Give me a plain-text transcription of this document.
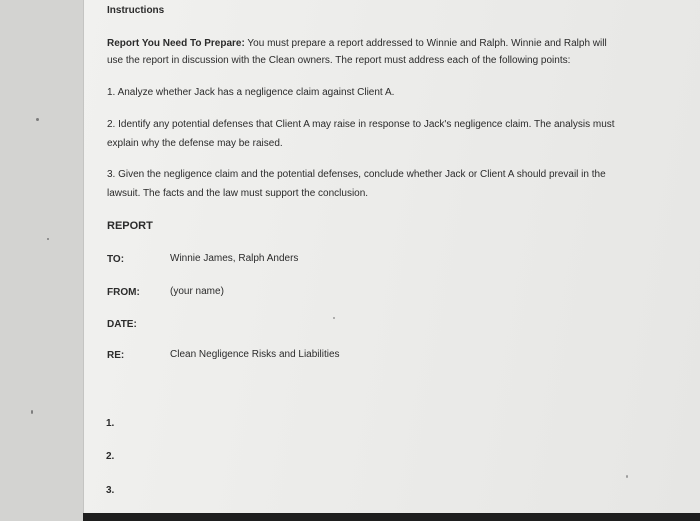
Instructions
Report You Need To Prepare: You must prepare a report addressed to Winnie and Ralph. Winnie and Ralph will
use the report in discussion with the Clean owners. The report must address each of the following points:
1. Analyze whether Jack has a negligence claim against Client A.
2. Identify any potential defenses that Client A may raise in response to Jack's negligence claim. The analysis must
explain why the defense may be raised.
3. Given the negligence claim and the potential defenses, conclude whether Jack or Client A should prevail in the
lawsuit. The facts and the law must support the conclusion.
REPORT
TO:	Winnie James, Ralph Anders
FROM:	(your name)
DATE:
RE:	Clean Negligence Risks and Liabilities
1.
2.
3.
